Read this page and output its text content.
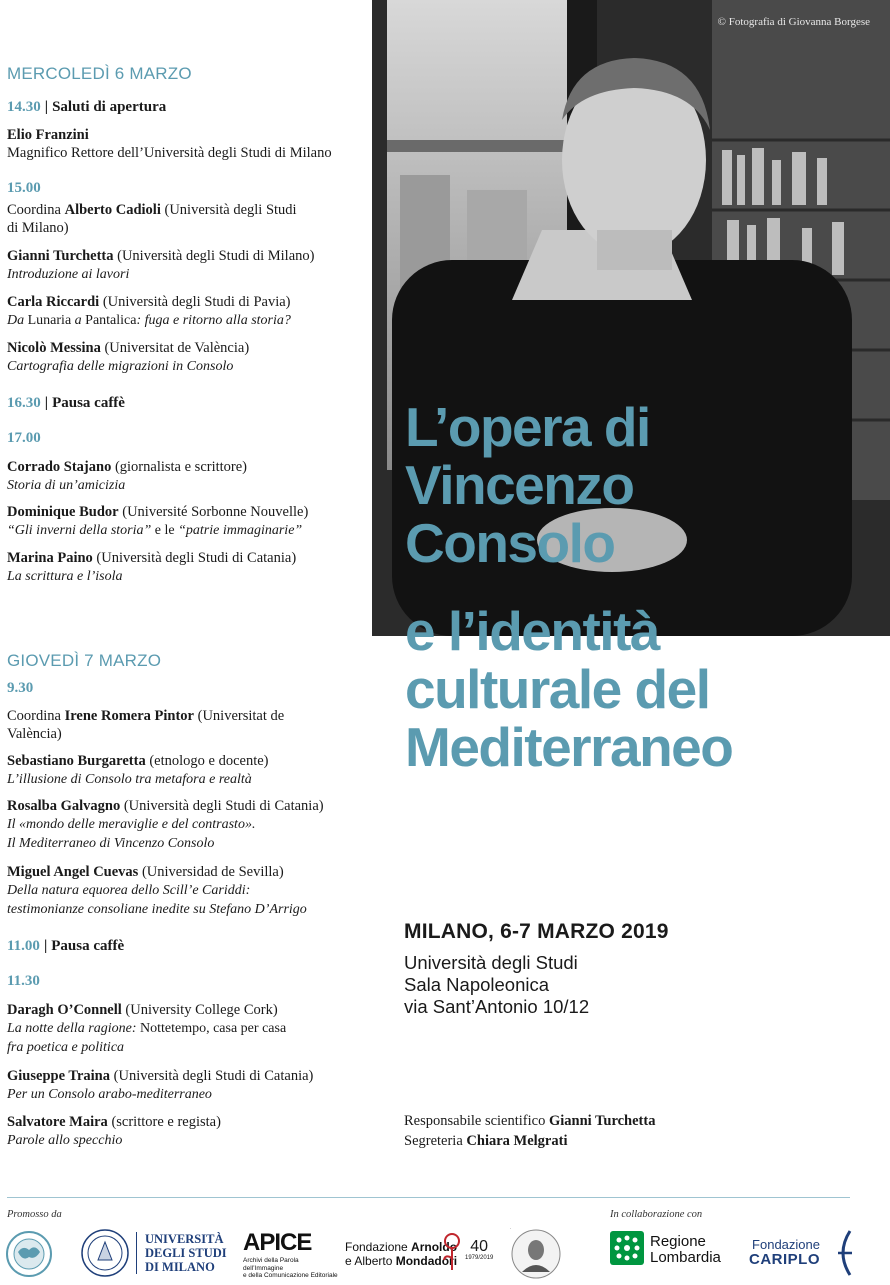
© Fotografia di Giovanna Borgese
MERCOLEDÌ 6 MARZO
14.30 | Saluti di apertura
Elio Franzini
Magnifico Rettore dell’Università degli Studi di Milano
15.00
Coordina Alberto Cadioli (Università degli Studi
di Milano)
Gianni Turchetta (Università degli Studi di Milano)
Introduzione ai lavori
Carla Riccardi (Università degli Studi di Pavia)
Da Lunaria a Pantalica: fuga e ritorno alla storia?
Nicolò Messina (Universitat de València)
Cartografia delle migrazioni in Consolo
16.30 | Pausa caffè
17.00
Corrado Stajano (giornalista e scrittore)
Storia di un’amicizia
Dominique Budor (Université Sorbonne Nouvelle)
“Gli inverni della storia” e le “patrie immaginarie”
Marina Paino (Università degli Studi di Catania)
La scrittura e l’isola
GIOVEDÌ 7 MARZO
9.30
Coordina Irene Romera Pintor (Universitat de
València)
Sebastiano Burgaretta (etnologo e docente)
L’illusione di Consolo tra metafora e realtà
Rosalba Galvagno (Università degli Studi di Catania)
Il «mondo delle meraviglie e del contrasto».
Il Mediterraneo di Vincenzo Consolo
Miguel Angel Cuevas (Universidad de Sevilla)
Della natura equorea dello Scill’e Cariddi:
testimonianze consoliane inedite su Stefano D’Arrigo
11.00 | Pausa caffè
11.30
Daragh O’Connell (University College Cork)
La notte della ragione: Nottetempo, casa per casa
fra poetica e politica
Giuseppe Traina (Università degli Studi di Catania)
Per un Consolo arabo-mediterraneo
Salvatore Maira (scrittore e regista)
Parole allo specchio
L’opera di
Vincenzo
Consolo
e l’identità
culturale del
Mediterraneo
MILANO, 6-7 MARZO 2019
Università degli Studi
Sala Napoleonica
via Sant’Antonio 10/12
Responsabile scientifico Gianni Turchetta
Segreteria Chiara Melgrati
Promosso da	In collaborazione con
UNIVERSITÀ
DEGLI STUDI
DI MILANO
APICE
Archivi della Parola
dell’Immagine
e della Comunicazione Editoriale
Fondazione Arnoldo
e Alberto Mondadori
40
1979/2019
Regione
Lombardia
Fondazione
CARIPLO
